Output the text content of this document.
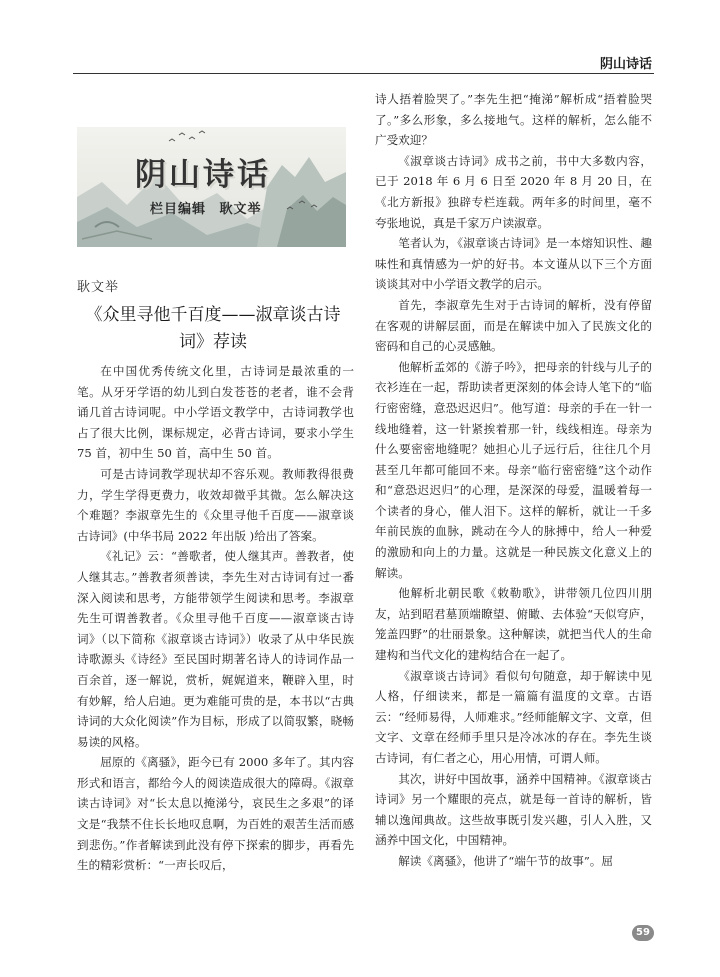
阴山诗话
阴山诗话
栏目编辑 耿文举
耿文举
《众里寻他千百度——淑章谈古诗词》荐读

在中国优秀传统文化里，古诗词是最浓重的一笔。从牙牙学语的幼儿到白发苍苍的老者，谁不会背诵几首古诗词呢。中小学语文教学中，古诗词教学也占了很大比例，课标规定，必背古诗词，要求小学生 75 首，初中生 50 首，高中生 50 首。

可是古诗词教学现状却不容乐观。教师教得很费力，学生学得更费力，收效却微乎其微。怎么解决这个难题？李淑章先生的《众里寻他千百度——淑章谈古诗词》(中华书局 2022 年出版 )给出了答案。

《礼记》云：“善歌者，使人继其声。善教者，使人继其志。”善教者须善读，李先生对古诗词有过一番深入阅读和思考，方能带领学生阅读和思考。李淑章先生可谓善教者。《众里寻他千百度——淑章谈古诗词》（以下简称《淑章谈古诗词》）收录了从中华民族诗歌源头《诗经》至民国时期著名诗人的诗词作品一百余首，逐一解说，赏析，娓娓道来，鞭辟入里，时有妙解，给人启迪。更为难能可贵的是，本书以“古典诗词的大众化阅读”作为目标，形成了以简驭繁，晓畅易读的风格。

屈原的《离骚》，距今已有 2000 多年了。其内容形式和语言，都给今人的阅读造成很大的障碍。《淑章读古诗词》对“长太息以掩涕兮，哀民生之多艰”的译文是“我禁不住长长地叹息啊，为百姓的艰苦生活而感到悲伤。”作者解读到此没有停下探索的脚步，再看先生的精彩赏析：“一声长叹后，

诗人捂着脸哭了。”李先生把“掩涕”解析成“捂着脸哭了。”多么形象，多么接地气。这样的解析，怎么能不广受欢迎？

《淑章谈古诗词》成书之前，书中大多数内容，已于 2018 年 6 月 6 日至 2020 年 8 月 20 日，在《北方新报》独辟专栏连载。两年多的时间里，毫不夸张地说，真是千家万户读淑章。

笔者认为，《淑章谈古诗词》是一本熔知识性、趣味性和真情感为一炉的好书。本文谨从以下三个方面谈谈其对中小学语文教学的启示。

首先，李淑章先生对于古诗词的解析，没有停留在客观的讲解层面，而是在解读中加入了民族文化的密码和自己的心灵感触。

他解析孟郊的《游子吟》，把母亲的针线与儿子的衣衫连在一起，帮助读者更深刻的体会诗人笔下的“临行密密缝，意恐迟迟归”。他写道：母亲的手在一针一线地缝着，这一针紧挨着那一针，线线相连。母亲为什么要密密地缝呢？她担心儿子远行后，往往几个月甚至几年都可能回不来。母亲“临行密密缝”这个动作和“意恐迟迟归”的心理，是深深的母爱，温暖着每一个读者的身心，催人泪下。这样的解析，就让一千多年前民族的血脉，跳动在今人的脉搏中，给人一种爱的激励和向上的力量。这就是一种民族文化意义上的解读。

他解析北朝民歌《敕勒歌》，讲带领几位四川朋友，站到昭君墓顶端瞭望、俯瞰、去体验“天似穹庐，笼盖四野”的壮丽景象。这种解读，就把当代人的生命建构和当代文化的建构结合在一起了。

《淑章谈古诗词》看似句句随意，却于解读中见人格，仔细读来，都是一篇篇有温度的文章。古语云：“经师易得，人师难求。”经师能解文字、文章，但文字、文章在经师手里只是冷冰冰的存在。李先生谈古诗词，有仁者之心，用心用情，可谓人师。

其次，讲好中国故事，涵养中国精神。《淑章谈古诗词》另一个耀眼的亮点，就是每一首诗的解析，皆辅以逸闻典故。这些故事既引发兴趣，引人入胜，又涵养中国文化，中国精神。

解读《离骚》，他讲了“端午节的故事”。屈

59
